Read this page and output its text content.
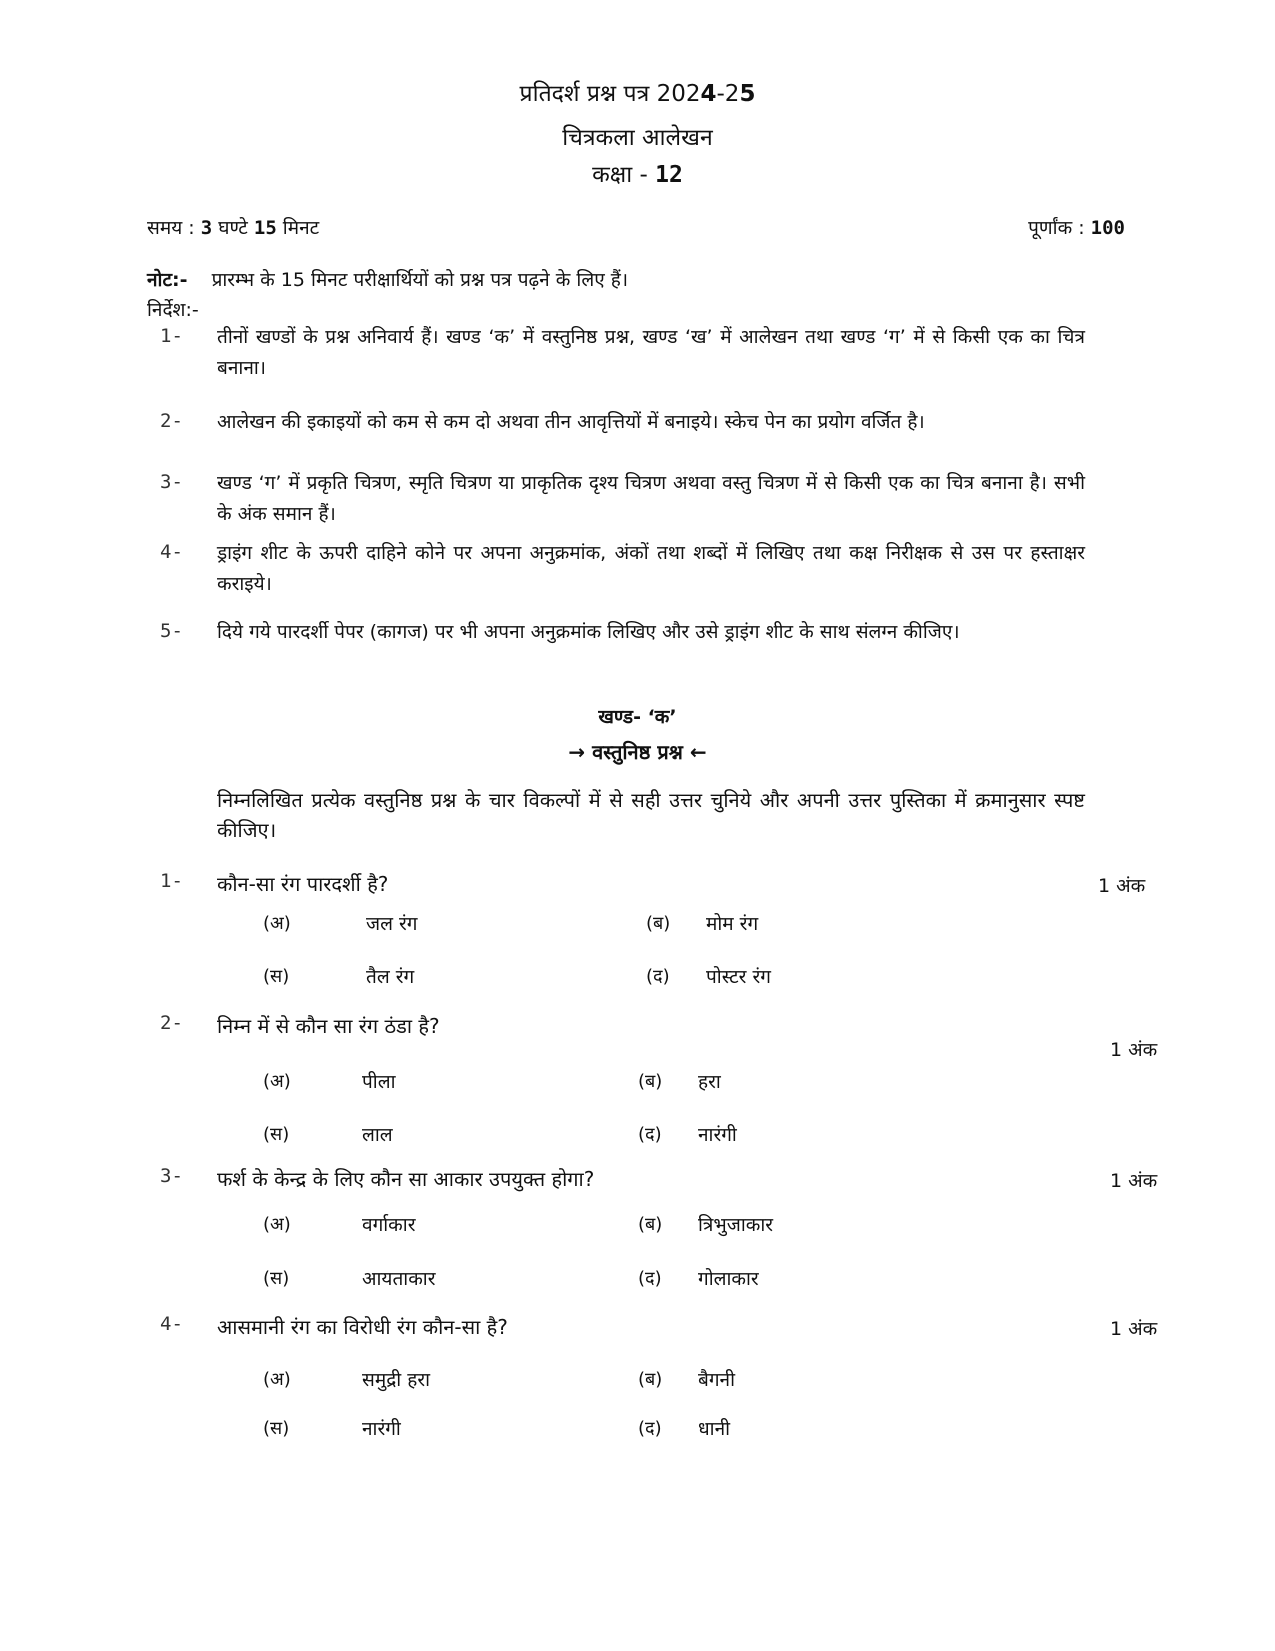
प्रतिदर्श प्रश्न पत्र 2024-25
चित्रकला आलेखन
कक्षा - 12
समय : 3 घण्टे 15 मिनट	पूर्णांक : 100
नोट:- प्रारम्भ के 15 मिनट परीक्षार्थियों को प्रश्न पत्र पढ़ने के लिए हैं।
निर्देश:-
1- तीनों खण्डों के प्रश्न अनिवार्य हैं। खण्ड ‘क’ में वस्तुनिष्ठ प्रश्न, खण्ड ‘ख’ में आलेखन तथा खण्ड ‘ग’ में से किसी एक का चित्र बनाना।
2- आलेखन की इकाइयों को कम से कम दो अथवा तीन आवृत्तियों में बनाइये। स्केच पेन का प्रयोग वर्जित है।
3- खण्ड ‘ग’ में प्रकृति चित्रण, स्मृति चित्रण या प्राकृतिक दृश्य चित्रण अथवा वस्तु चित्रण में से किसी एक का चित्र बनाना है। सभी के अंक समान हैं।
4- ड्राइंग शीट के ऊपरी दाहिने कोने पर अपना अनुक्रमांक, अंकों तथा शब्दों में लिखिए तथा कक्ष निरीक्षक से उस पर हस्ताक्षर कराइये।
5- दिये गये पारदर्शी पेपर (कागज) पर भी अपना अनुक्रमांक लिखिए और उसे ड्राइंग शीट के साथ संलग्न कीजिए।
खण्ड- ‘क’
→ वस्तुनिष्ठ प्रश्न ←
निम्नलिखित प्रत्येक वस्तुनिष्ठ प्रश्न के चार विकल्पों में से सही उत्तर चुनिये और अपनी उत्तर पुस्तिका में क्रमानुसार स्पष्ट कीजिए।
1- कौन-सा रंग पारदर्शी है?	1 अंक
(अ)	जल रंग	(ब) मोम रंग
(स)	तैल रंग	(द) पोस्टर रंग
2- निम्न में से कौन सा रंग ठंडा है?
1 अंक
(अ)	पीला	(ब) हरा
(स)	लाल	(द) नारंगी
3- फर्श के केन्द्र के लिए कौन सा आकार उपयुक्त होगा?	1 अंक
(अ)	वर्गाकार	(ब) त्रिभुजाकार
(स)	आयताकार	(द) गोलाकार
4- आसमानी रंग का विरोधी रंग कौन-सा है?	1 अंक
(अ)	समुद्री हरा	(ब) बैगनी
(स)	नारंगी	(द) धानी
